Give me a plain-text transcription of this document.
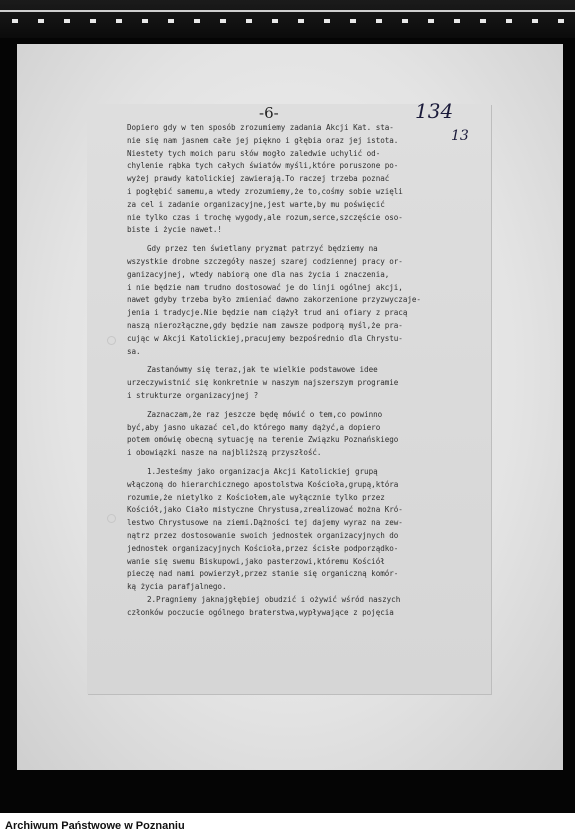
-6-	134
13
Dopiero gdy w ten sposób zrozumiemy zadania Akcji Kat. sta-
nie się nam jasnem całe jej piękno i głębia oraz jej istota.
Niestety tych moich paru słów mogło zaledwie uchylić od-
chylenie rąbka tych całych światów myśli,które poruszone po-
wyżej prawdy katolickiej zawierają.To raczej trzeba poznać
i pogłębić samemu,a wtedy zrozumiemy,że to,cośmy sobie wzięli
za cel i zadanie organizacyjne,jest warte,by mu poświęcić
nie tylko czas i trochę wygody,ale rozum,serce,szczęście oso-
biste i życie nawet.!
Gdy przez ten świetlany pryzmat patrzyć będziemy na
wszystkie drobne szczegóły naszej szarej codziennej pracy or-
ganizacyjnej, wtedy nabiorą one dla nas życia i znaczenia,
i nie będzie nam trudno dostosować je do linji ogólnej akcji,
nawet gdyby trzeba było zmieniać dawno zakorzenione przyzwyczaje-
jenia i tradycje.Nie będzie nam ciążył trud ani ofiary z pracą
naszą nierozłączne,gdy będzie nam zawsze podporą myśl,że pra-
cując w Akcji Katolickiej,pracujemy bezpośrednio dla Chrystu-
sa.
Zastanówmy się teraz,jak te wielkie podstawowe idee
urzeczywistnić się konkretnie w naszym najszerszym programie
i strukturze organizacyjnej ?
Zaznaczam,że raz jeszcze będę mówić o tem,co powinno
być,aby jasno ukazać cel,do którego mamy dążyć,a dopiero
potem omówię obecną sytuację na terenie Związku Poznańskiego
i obowiązki nasze na najbliższą przyszłość.
1.Jesteśmy jako organizacja Akcji Katolickiej grupą
włączoną do hierarchicznego apostolstwa Kościoła,grupą,która
rozumie,że nietylko z Kościołem,ale wyłącznie tylko przez
Kościół,jako Ciało mistyczne Chrystusa,zrealizować można Kró-
lestwo Chrystusowe na ziemi.Dążności tej dajemy wyraz na zew-
nątrz przez dostosowanie swoich jednostek organizacyjnych do
jednostek organizacyjnych Kościoła,przez ścisłe podporządko-
wanie się swemu Biskupowi,jako pasterzowi,któremu Kościół
pieczę nad nami powierzył,przez stanie się organiczną komór-
ką życia parafjalnego.
2.Pragniemy jaknajgłębiej obudzić i ożywić wśród naszych
członków poczucie ogólnego braterstwa,wypływające z pojęcia
Archiwum Państwowe w Poznaniu
